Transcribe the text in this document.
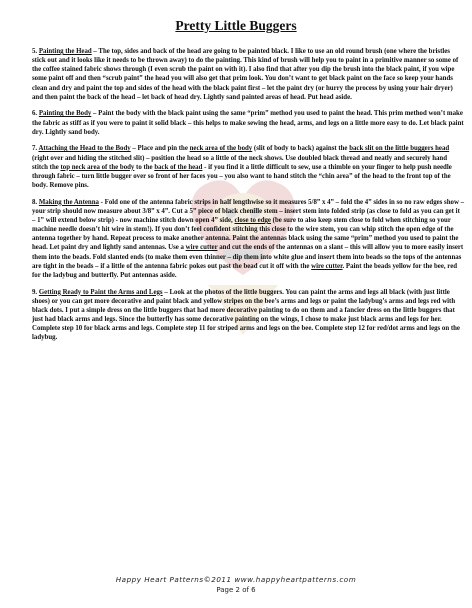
Pretty Little Buggers

5. Painting the Head – The top, sides and back of the head are going to be painted black. I like to use an old round brush (one where the bristles stick out and it looks like it needs to be thrown away) to do the painting. This kind of brush will help you to paint in a primitive manner so some of the coffee stained fabric shows through (I even scrub the paint on with it). I also find that after you dip the brush into the black paint, if you wipe some paint off and then “scrub paint” the head you will also get that prim look. You don’t want to get black paint on the face so keep your hands clean and dry and paint the top and sides of the head with the black paint first – let the paint dry (or hurry the process by using your hair dryer) and then paint the back of the head – let back of head dry. Lightly sand painted areas of head. Put head aside.

6. Painting the Body – Paint the body with the black paint using the same “prim” method you used to paint the head. This prim method won’t make the fabric as stiff as if you were to paint it solid black – this helps to make sewing the head, arms, and legs on a little more easy to do. Let black paint dry. Lightly sand body.

7. Attaching the Head to the Body – Place and pin the neck area of the body (slit of body to back) against the back slit on the little buggers head (right over and hiding the stitched slit) – position the head so a little of the neck shows. Use doubled black thread and neatly and securely hand stitch the top neck area of the body to the back of the head - if you find it a little difficult to sew, use a thimble on your finger to help push needle through fabric – turn little bugger over so front of her faces you – you also want to hand stitch the “chin area” of the head to the front top of the body. Remove pins.

8. Making the Antenna - Fold one of the antenna fabric strips in half lengthwise so it measures 5/8” x 4” – fold the 4” sides in so no raw edges show – your strip should now measure about 3/8” x 4”. Cut a 5” piece of black chenille stem – insert stem into folded strip (as close to fold as you can get it – 1” will extend below strip) - now machine stitch down open 4” side, close to edge (be sure to also keep stem close to fold when stitching so your machine needle doesn’t hit wire in stem!). If you don’t feel confident stitching this close to the wire stem, you can whip stitch the open edge of the antenna together by hand. Repeat process to make another antenna. Paint the antennas black using the same “prim” method you used to paint the head. Let paint dry and lightly sand antennas. Use a wire cutter and cut the ends of the antennas on a slant – this will allow you to more easily insert them into the beads. Fold slanted ends (to make them even thinner – dip them into white glue and insert them into beads so the tops of the antennas are tight in the beads – if a little of the antenna fabric pokes out past the bead cut it off with the wire cutter. Paint the beads yellow for the bee, red for the ladybug and butterfly. Put antennas aside.

9. Getting Ready to Paint the Arms and Legs – Look at the photos of the little buggers. You can paint the arms and legs all black (with just little shoes) or you can get more decorative and paint black and yellow stripes on the bee’s arms and legs or paint the ladybug’s arms and legs red with black dots. I put a simple dress on the little buggers that had more decorative painting to do on them and a fancier dress on the little buggers that just had black arms and legs. Since the butterfly has some decorative painting on the wings, I chose to make just black arms and legs for her. Complete step 10 for black arms and legs. Complete step 11 for striped arms and legs on the bee. Complete step 12 for red/dot arms and legs on the ladybug.

Happy Heart Patterns©2011 www.happyheartpatterns.com
Page 2 of 6
